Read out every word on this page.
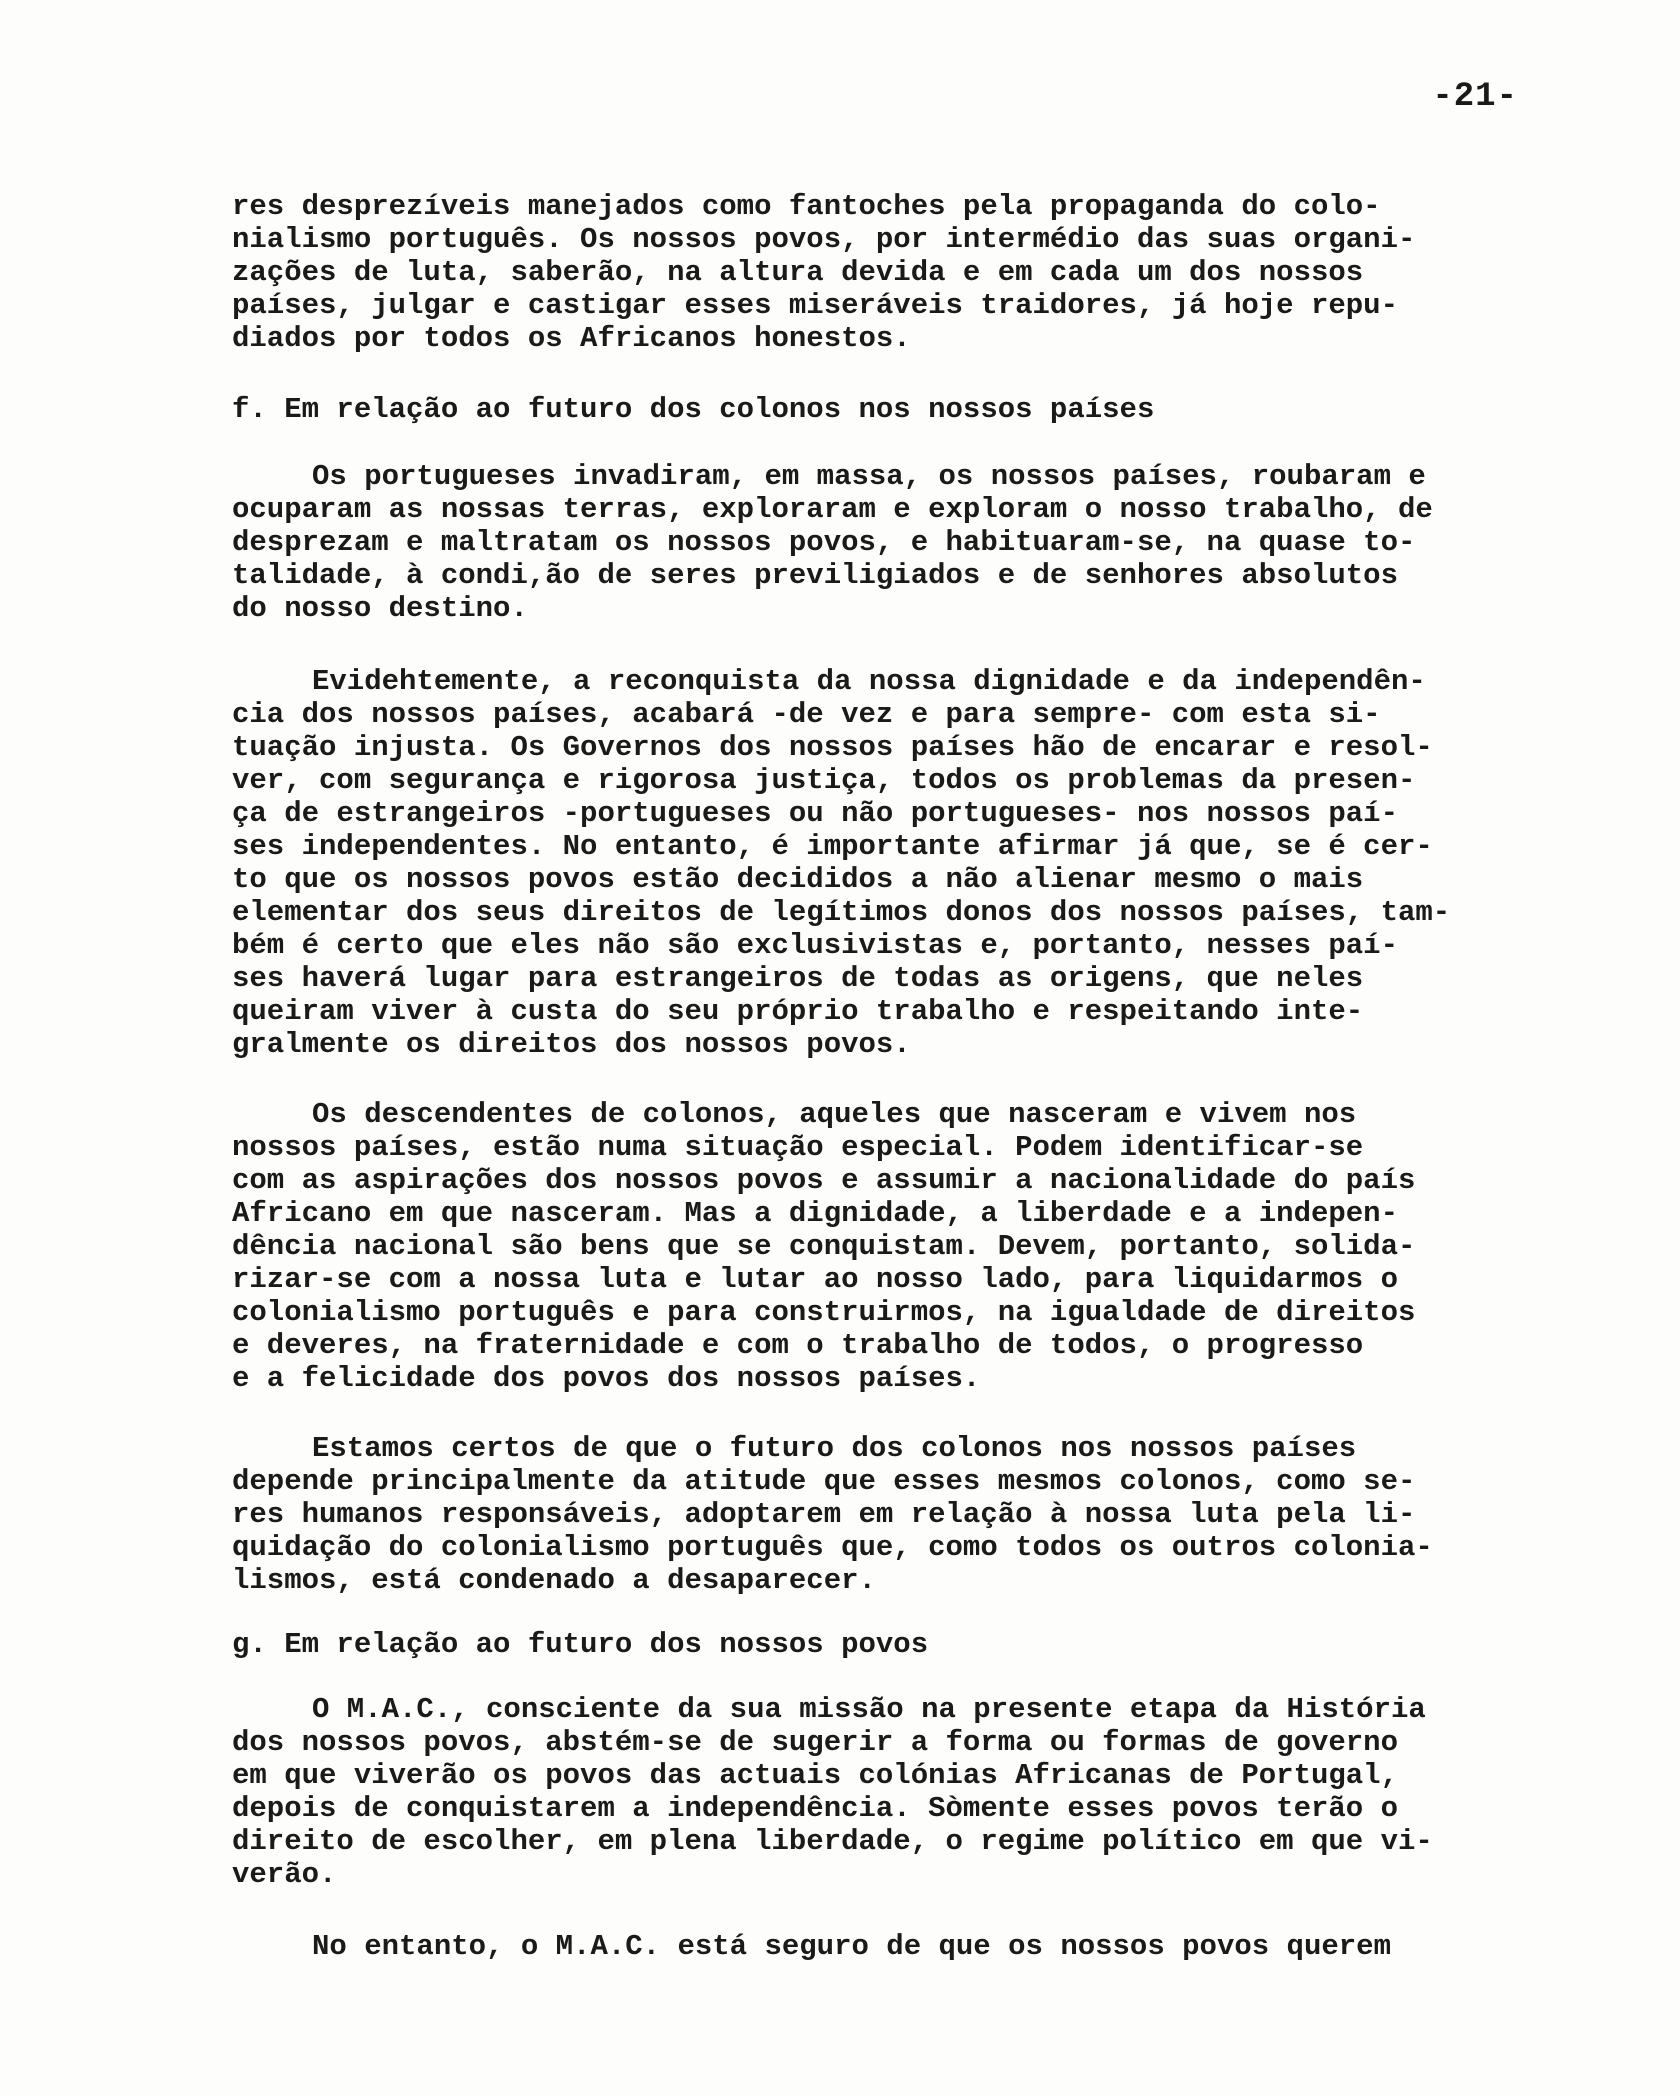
-21-
res desprezíveis manejados como fantoches pela propaganda do colo-
nialismo português. Os nossos povos, por intermédio das suas organi-
zações de luta, saberão, na altura devida e em cada um dos nossos
países, julgar e castigar esses miseráveis traidores, já hoje repu-
diados por todos os Africanos honestos.
f. Em relação ao futuro dos colonos nos nossos países
Os portugueses invadiram, em massa, os nossos países, roubaram e
ocuparam as nossas terras, exploraram e exploram o nosso trabalho, de
desprezam e maltratam os nossos povos, e habituaram-se, na quase to-
talidade, à condi,ão de seres previligiados e de senhores absolutos
do nosso destino.
Evidehtemente, a reconquista da nossa dignidade e da independên-
cia dos nossos países, acabará -de vez e para sempre- com esta si-
tuação injusta. Os Governos dos nossos países hão de encarar e resol-
ver, com segurança e rigorosa justiça, todos os problemas da presen-
ça de estrangeiros -portugueses ou não portugueses- nos nossos paí-
ses independentes. No entanto, é importante afirmar já que, se é cer-
to que os nossos povos estão decididos a não alienar mesmo o mais
elementar dos seus direitos de legítimos donos dos nossos países, tam-
bém é certo que eles não são exclusivistas e, portanto, nesses paí-
ses haverá lugar para estrangeiros de todas as origens, que neles
queiram viver à custa do seu próprio trabalho e respeitando inte-
gralmente os direitos dos nossos povos.
Os descendentes de colonos, aqueles que nasceram e vivem nos
nossos países, estão numa situação especial. Podem identificar-se
com as aspirações dos nossos povos e assumir a nacionalidade do país
Africano em que nasceram. Mas a dignidade, a liberdade e a indepen-
dência nacional são bens que se conquistam. Devem, portanto, solida-
rizar-se com a nossa luta e lutar ao nosso lado, para liquidarmos o
colonialismo português e para construirmos, na igualdade de direitos
e deveres, na fraternidade e com o trabalho de todos, o progresso
e a felicidade dos povos dos nossos países.
Estamos certos de que o futuro dos colonos nos nossos países
depende principalmente da atitude que esses mesmos colonos, como se-
res humanos responsáveis, adoptarem em relação à nossa luta pela li-
quidação do colonialismo português que, como todos os outros colonia-
lismos, está condenado a desaparecer.
g. Em relação ao futuro dos nossos povos
O M.A.C., consciente da sua missão na presente etapa da História
dos nossos povos, abstém-se de sugerir a forma ou formas de governo
em que viverão os povos das actuais colónias Africanas de Portugal,
depois de conquistarem a independência. Sòmente esses povos terão o
direito de escolher, em plena liberdade, o regime político em que vi-
verão.
No entanto, o M.A.C. está seguro de que os nossos povos querem
